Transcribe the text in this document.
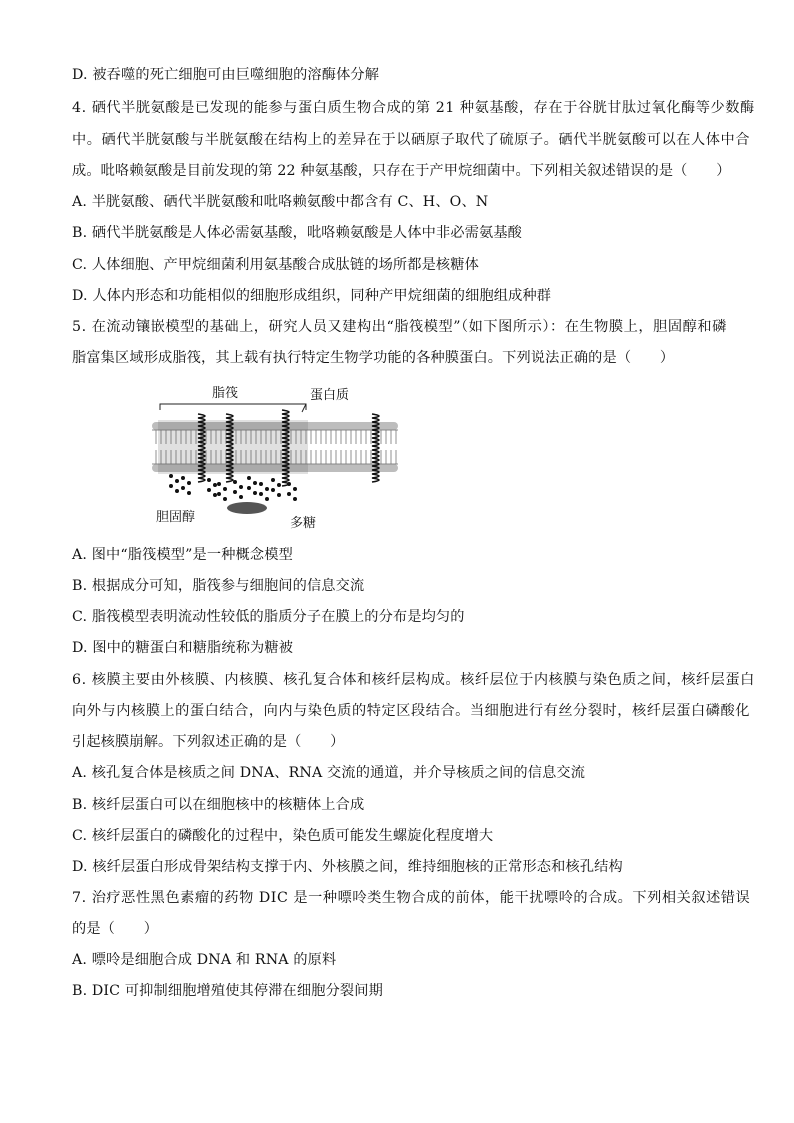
D. 被吞噬的死亡细胞可由巨噬细胞的溶酶体分解
4. 硒代半胱氨酸是已发现的能参与蛋白质生物合成的第 21 种氨基酸，存在于谷胱甘肽过氧化酶等少数酶
中。硒代半胱氨酸与半胱氨酸在结构上的差异在于以硒原子取代了硫原子。硒代半胱氨酸可以在人体中合
成。吡咯赖氨酸是目前发现的第 22 种氨基酸，只存在于产甲烷细菌中。下列相关叙述错误的是（　　）
A. 半胱氨酸、硒代半胱氨酸和吡咯赖氨酸中都含有 C、H、O、N
B. 硒代半胱氨酸是人体必需氨基酸，吡咯赖氨酸是人体中非必需氨基酸
C. 人体细胞、产甲烷细菌利用氨基酸合成肽链的场所都是核糖体
D. 人体内形态和功能相似的细胞形成组织，同种产甲烷细菌的细胞组成种群
5. 在流动镶嵌模型的基础上，研究人员又建构出“脂筏模型”（如下图所示）：在生物膜上，胆固醇和磷
脂富集区域形成脂筏，其上载有执行特定生物学功能的各种膜蛋白。下列说法正确的是（　　）
脂筏	蛋白质
胆固醇	多糖
A. 图中“脂筏模型”是一种概念模型
B. 根据成分可知，脂筏参与细胞间的信息交流
C. 脂筏模型表明流动性较低的脂质分子在膜上的分布是均匀的
D. 图中的糖蛋白和糖脂统称为糖被
6. 核膜主要由外核膜、内核膜、核孔复合体和核纤层构成。核纤层位于内核膜与染色质之间，核纤层蛋白
向外与内核膜上的蛋白结合，向内与染色质的特定区段结合。当细胞进行有丝分裂时，核纤层蛋白磷酸化
引起核膜崩解。下列叙述正确的是（　　）
A. 核孔复合体是核质之间 DNA、RNA 交流的通道，并介导核质之间的信息交流
B. 核纤层蛋白可以在细胞核中的核糖体上合成
C. 核纤层蛋白的磷酸化的过程中，染色质可能发生螺旋化程度增大
D. 核纤层蛋白形成骨架结构支撑于内、外核膜之间，维持细胞核的正常形态和核孔结构
7. 治疗恶性黑色素瘤的药物 DIC 是一种嘌呤类生物合成的前体，能干扰嘌呤的合成。下列相关叙述错误
的是（　　）
A. 嘌呤是细胞合成 DNA 和 RNA 的原料
B. DIC 可抑制细胞增殖使其停滞在细胞分裂间期
